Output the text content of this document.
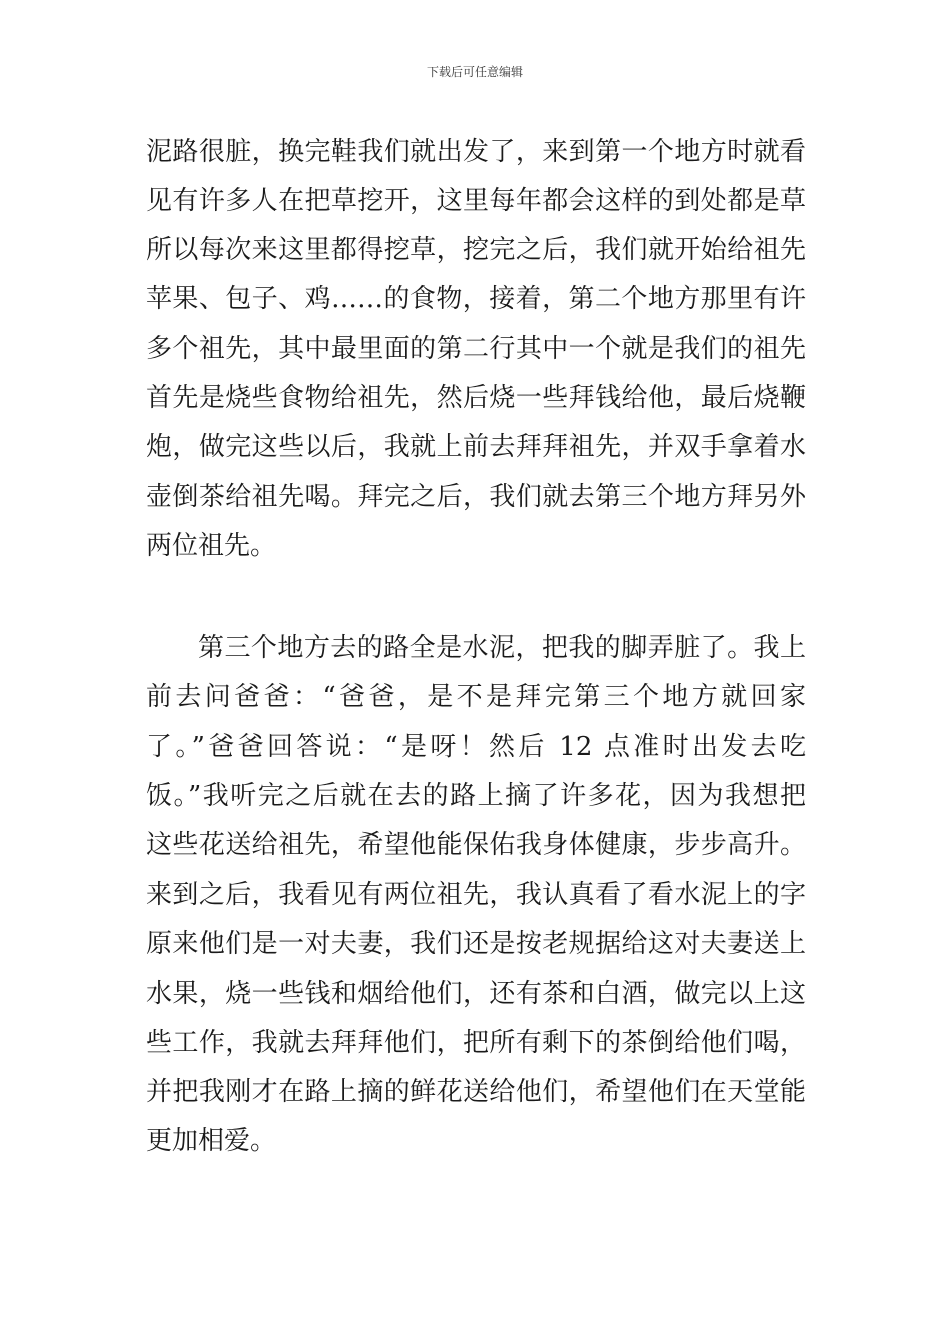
下载后可任意编辑
泥路很脏，换完鞋我们就出发了，来到第一个地方时就看
见有许多人在把草挖开，这里每年都会这样的到处都是草
所以每次来这里都得挖草，挖完之后，我们就开始给祖先
苹果、包子、鸡……的食物，接着，第二个地方那里有许
多个祖先，其中最里面的第二行其中一个就是我们的祖先
首先是烧些食物给祖先，然后烧一些拜钱给他，最后烧鞭
炮，做完这些以后，我就上前去拜拜祖先，并双手拿着水
壶倒茶给祖先喝。拜完之后，我们就去第三个地方拜另外
两位祖先。
第三个地方去的路全是水泥，把我的脚弄脏了。我上
前去问爸爸：“爸爸，是不是拜完第三个地方就回家
了。”爸爸回答说：“是呀！然后 12 点准时出发去吃
饭。”我听完之后就在去的路上摘了许多花，因为我想把
这些花送给祖先，希望他能保佑我身体健康，步步高升。
来到之后，我看见有两位祖先，我认真看了看水泥上的字
原来他们是一对夫妻，我们还是按老规据给这对夫妻送上
水果，烧一些钱和烟给他们，还有茶和白酒，做完以上这
些工作，我就去拜拜他们，把所有剩下的茶倒给他们喝，
并把我刚才在路上摘的鲜花送给他们，希望他们在天堂能
更加相爱。
